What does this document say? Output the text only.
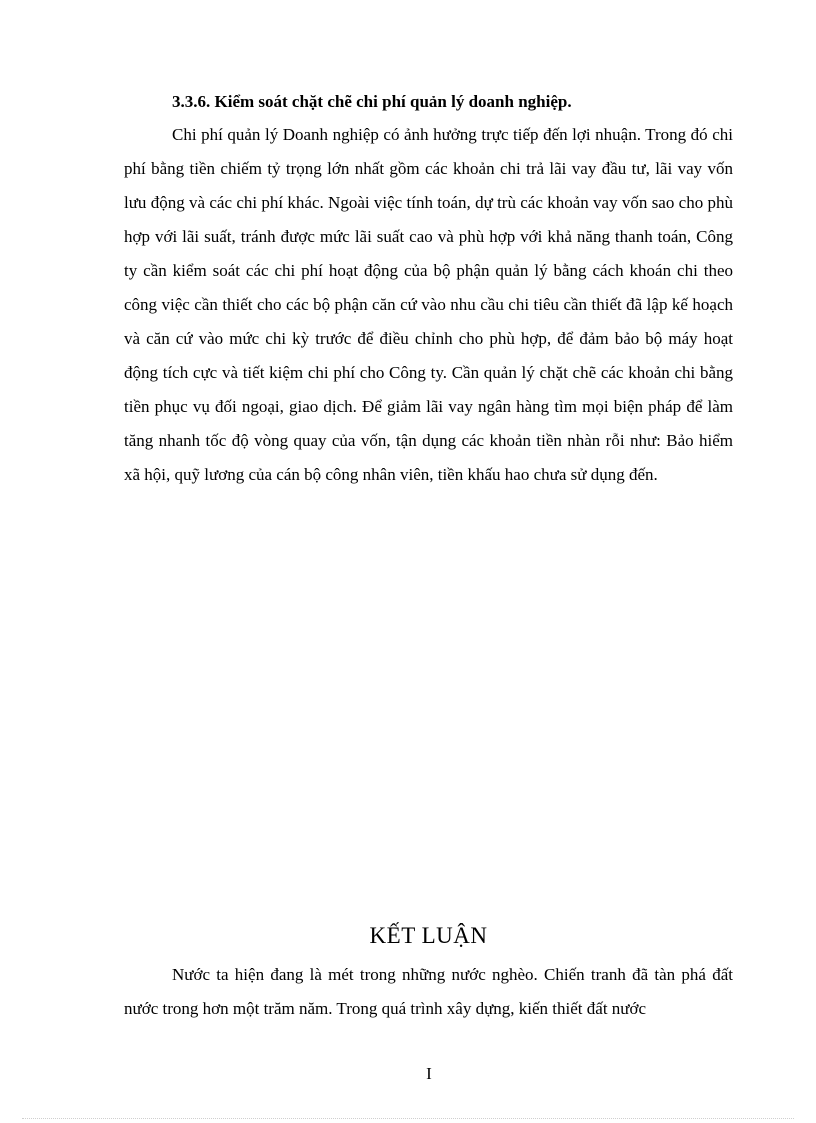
3.3.6. Kiểm soát chặt chẽ chi phí quản lý doanh nghiệp.

Chi phí quản lý Doanh nghiệp có ảnh hưởng trực tiếp đến lợi nhuận. Trong đó chi phí bằng tiền chiếm tỷ trọng lớn nhất gồm các khoản chi trả lãi vay đầu tư, lãi vay vốn lưu động và các chi phí khác. Ngoài việc tính toán, dự trù các khoản vay vốn sao cho phù hợp với lãi suất, tránh được mức lãi suất cao và phù hợp với khả năng thanh toán, Công ty cần kiểm soát các chi phí hoạt động của bộ phận quản lý bằng cách khoán chi theo công việc cần thiết cho các bộ phận căn cứ vào nhu cầu chi tiêu cần thiết đã lập kế hoạch và căn cứ vào mức chi kỳ trước để điều chỉnh cho phù hợp, để đảm bảo bộ máy hoạt động tích cực và tiết kiệm chi phí cho Công ty. Cần quản lý chặt chẽ các khoản chi bằng tiền phục vụ đối ngoại, giao dịch. Để giảm lãi vay ngân hàng tìm mọi biện pháp để làm tăng nhanh tốc độ vòng quay của vốn, tận dụng các khoản tiền nhàn rỗi như: Bảo hiểm xã hội, quỹ lương của cán bộ công nhân viên, tiền khấu hao chưa sử dụng đến.

KẾT LUẬN

Nước ta hiện đang là mét trong những nước nghèo. Chiến tranh đã tàn phá đất nước trong hơn một trăm năm. Trong quá trình xây dựng, kiến thiết đất nước

I
